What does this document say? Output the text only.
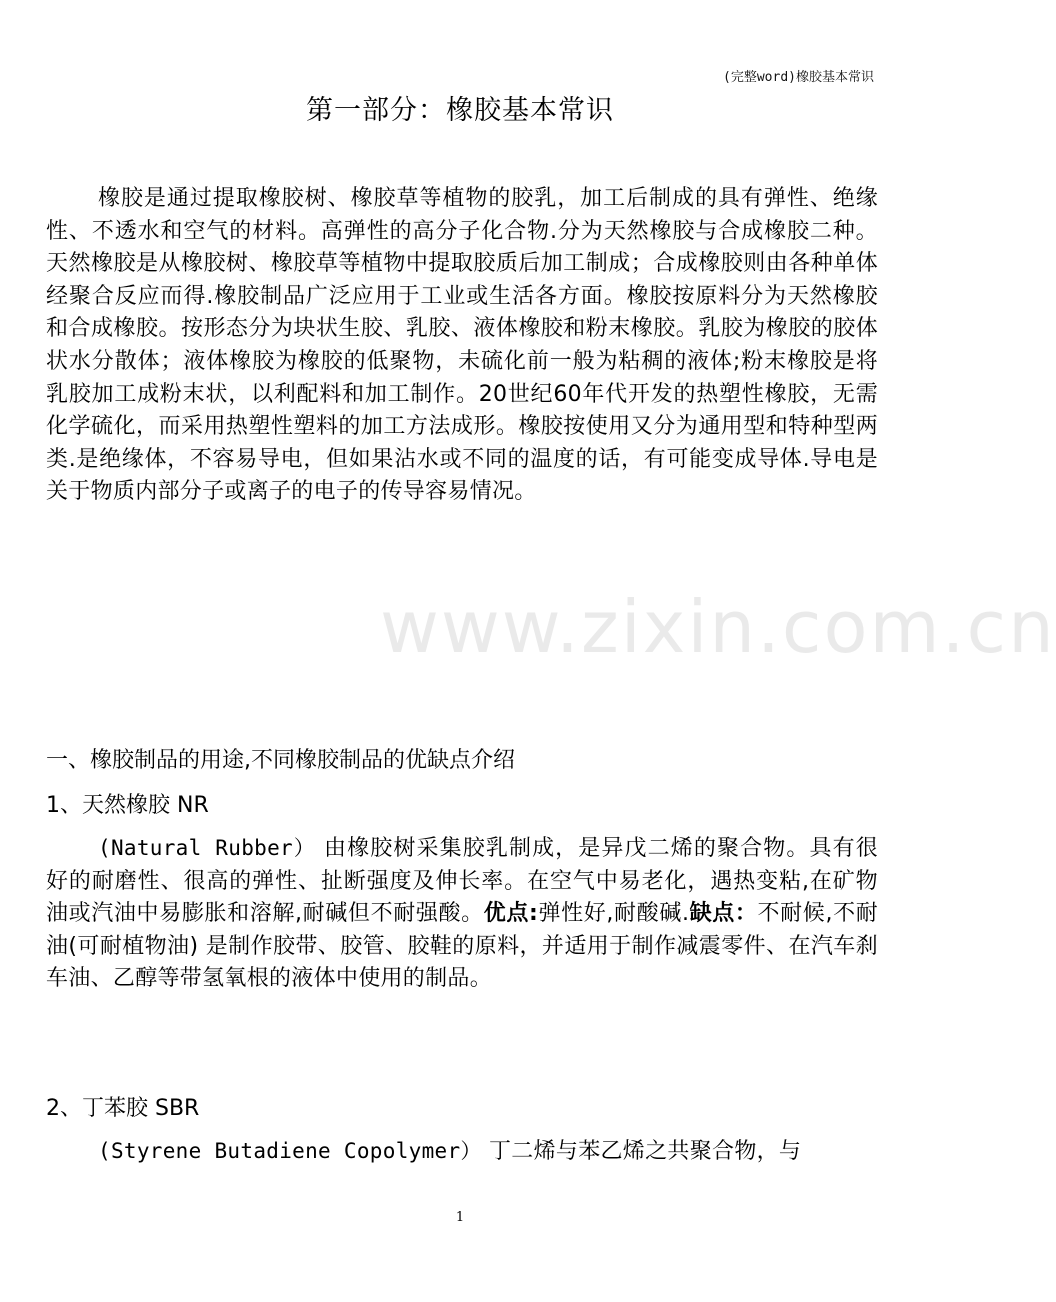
(完整word)橡胶基本常识
第一部分：橡胶基本常识
橡胶是通过提取橡胶树、橡胶草等植物的胶乳，加工后制成的具有弹性、绝缘性、不透水和空气的材料。高弹性的高分子化合物.分为天然橡胶与合成橡胶二种。天然橡胶是从橡胶树、橡胶草等植物中提取胶质后加工制成；合成橡胶则由各种单体经聚合反应而得.橡胶制品广泛应用于工业或生活各方面。橡胶按原料分为天然橡胶和合成橡胶。按形态分为块状生胶、乳胶、液体橡胶和粉末橡胶。乳胶为橡胶的胶体状水分散体；液体橡胶为橡胶的低聚物，未硫化前一般为粘稠的液体;粉末橡胶是将乳胶加工成粉末状，以利配料和加工制作。20世纪60年代开发的热塑性橡胶，无需化学硫化，而采用热塑性塑料的加工方法成形。橡胶按使用又分为通用型和特种型两类.是绝缘体，不容易导电，但如果沾水或不同的温度的话，有可能变成导体.导电是关于物质内部分子或离子的电子的传导容易情况。
www.zixin.com.cn
一、橡胶制品的用途,不同橡胶制品的优缺点介绍
1、天然橡胶 NR
(Natural Rubber） 由橡胶树采集胶乳制成，是异戊二烯的聚合物。具有很好的耐磨性、很高的弹性、扯断强度及伸长率。在空气中易老化，遇热变粘,在矿物油或汽油中易膨胀和溶解,耐碱但不耐强酸。优点:弹性好,耐酸碱.缺点：不耐候,不耐油(可耐植物油) 是制作胶带、胶管、胶鞋的原料，并适用于制作减震零件、在汽车刹车油、乙醇等带氢氧根的液体中使用的制品。
2、丁苯胶 SBR
(Styrene Butadiene Copolymer） 丁二烯与苯乙烯之共聚合物，与
1
